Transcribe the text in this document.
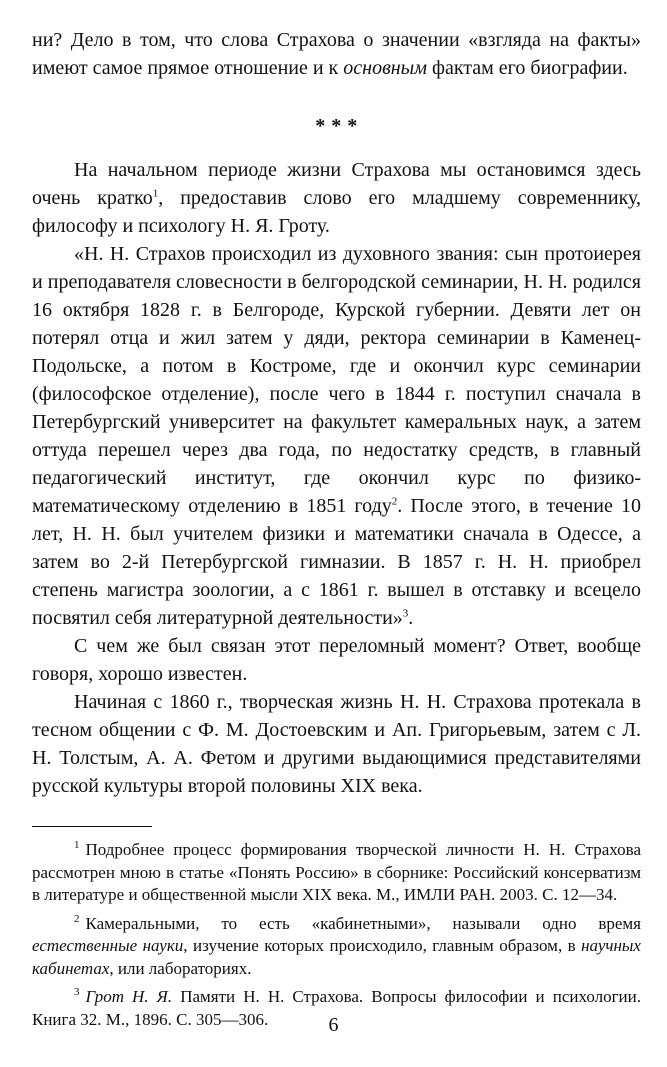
ни? Дело в том, что слова Страхова о значении «взгляда на факты» имеют самое прямое отношение и к основным фактам его биографии.

* * *

На начальном периоде жизни Страхова мы остановимся здесь очень кратко$^1$, предоставив слово его младшему современнику, философу и психологу Н. Я. Гроту.

«Н. Н. Страхов происходил из духовного звания: сын протоиерея и преподавателя словесности в белгородской семинарии, Н. Н. родился 16 октября 1828 г. в Белгороде, Курской губернии. Девяти лет он потерял отца и жил затем у дяди, ректора семинарии в Каменец-Подольске, а потом в Костроме, где и окончил курс семинарии (философское отделение), после чего в 1844 г. поступил сначала в Петербургский университет на факультет камеральных наук, а затем оттуда перешел через два года, по недостатку средств, в главный педагогический институт, где окончил курс по физико-математическому отделению в 1851 году$^2$. После этого, в течение 10 лет, Н. Н. был учителем физики и математики сначала в Одессе, а затем во 2-й Петербургской гимназии. В 1857 г. Н. Н. приобрел степень магистра зоологии, а с 1861 г. вышел в отставку и всецело посвятил себя литературной деятельности»$^3$.

С чем же был связан этот переломный момент? Ответ, вообще говоря, хорошо известен.

Начиная с 1860 г., творческая жизнь Н. Н. Страхова протекала в тесном общении с Ф. М. Достоевским и Ап. Григорьевым, затем с Л. Н. Толстым, А. А. Фетом и другими выдающимися представителями русской культуры второй половины XIX века.

$^1$ Подробнее процесс формирования творческой личности Н. Н. Страхова рассмотрен мною в статье «Понять Россию» в сборнике: Российский консерватизм в литературе и общественной мысли XIX века. М., ИМЛИ РАН. 2003. С. 12—34.

$^2$ Камеральными, то есть «кабинетными», называли одно время естественные науки, изучение которых происходило, главным образом, в научных кабинетах, или лабораториях.

$^3$ Грот Н. Я. Памяти Н. Н. Страхова. Вопросы философии и психологии. Книга 32. М., 1896. С. 305—306.	6
